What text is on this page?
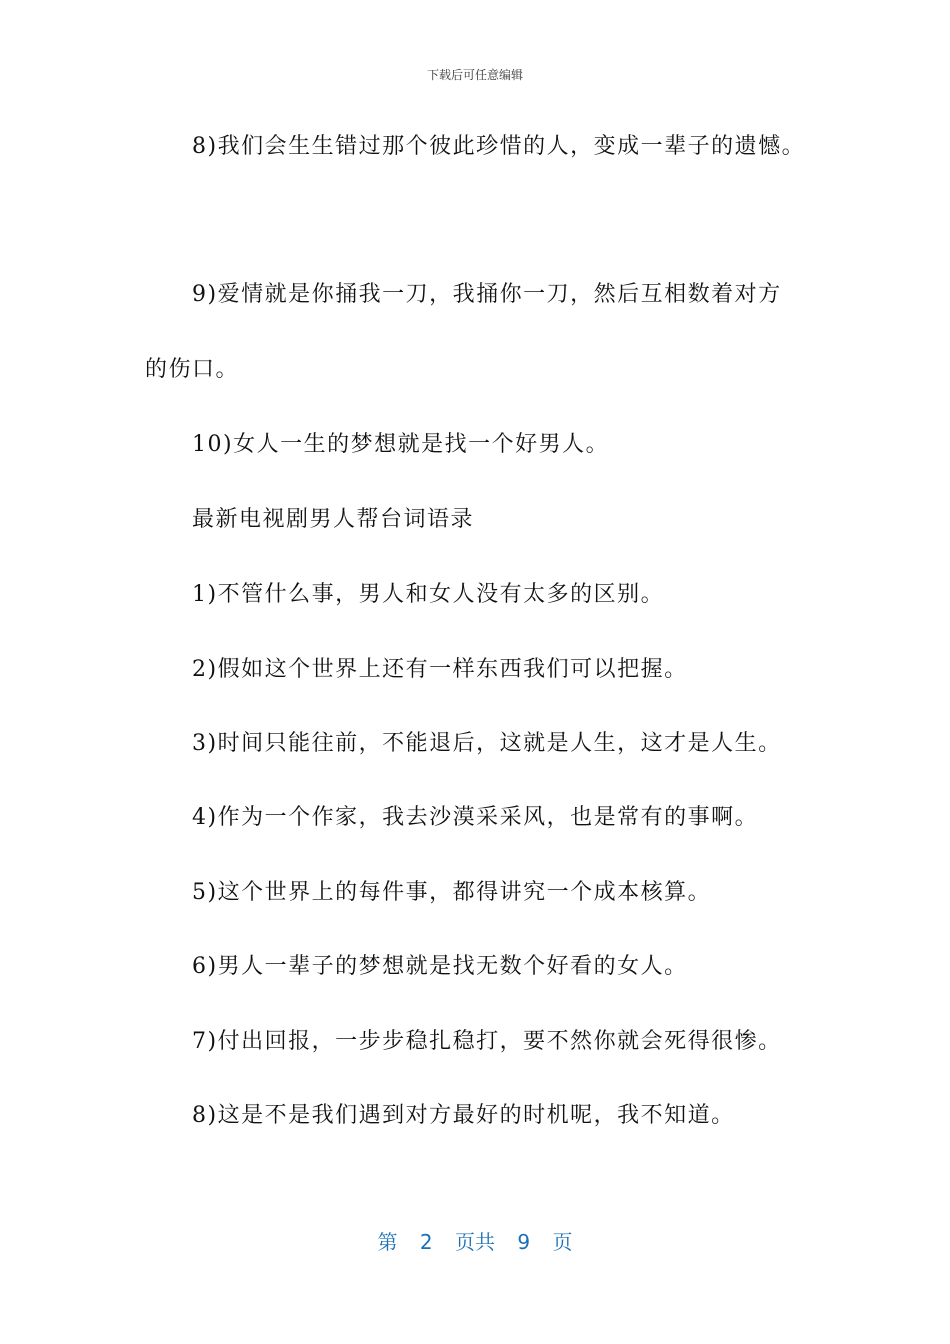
下载后可任意编辑
8)我们会生生错过那个彼此珍惜的人，变成一辈子的遗憾。
9)爱情就是你捅我一刀，我捅你一刀，然后互相数着对方
的伤口。
10)女人一生的梦想就是找一个好男人。
最新电视剧男人帮台词语录
1)不管什么事，男人和女人没有太多的区别。
2)假如这个世界上还有一样东西我们可以把握。
3)时间只能往前，不能退后，这就是人生，这才是人生。
4)作为一个作家，我去沙漠采采风，也是常有的事啊。
5)这个世界上的每件事，都得讲究一个成本核算。
6)男人一辈子的梦想就是找无数个好看的女人。
7)付出回报，一步步稳扎稳打，要不然你就会死得很惨。
8)这是不是我们遇到对方最好的时机呢，我不知道。
第 2 页共 9 页
